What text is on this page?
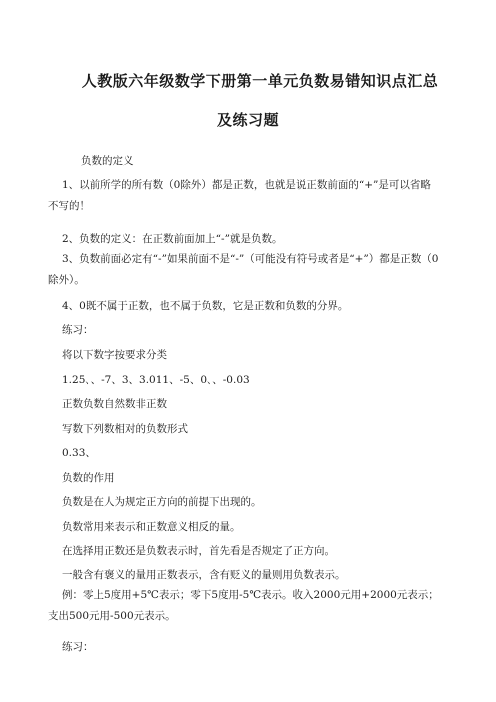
人教版六年级数学下册第一单元负数易错知识点汇总
及练习题
负数的定义
1、以前所学的所有数（0除外）都是正数，也就是说正数前面的“+”是可以省略不写的！
2、负数的定义：在正数前面加上“-”就是负数。
3、负数前面必定有“-”如果前面不是“-”（可能没有符号或者是“+”）都是正数（0除外）。
4、0既不属于正数，也不属于负数，它是正数和负数的分界。
练习：
将以下数字按要求分类
1.25､、-7、3、3.011、-5、0､、-0.03
正数负数自然数非正数
写数下列数相对的负数形式
0.33、
负数的作用
负数是在人为规定正方向的前提下出现的。
负数常用来表示和正数意义相反的量。
在选择用正数还是负数表示时，首先看是否规定了正方向。
一般含有褒义的量用正数表示，含有贬义的量则用负数表示。
例：零上5度用+5℃表示；零下5度用-5℃表示。收入2000元用+2000元表示；支出500元用-500元表示。
练习：
